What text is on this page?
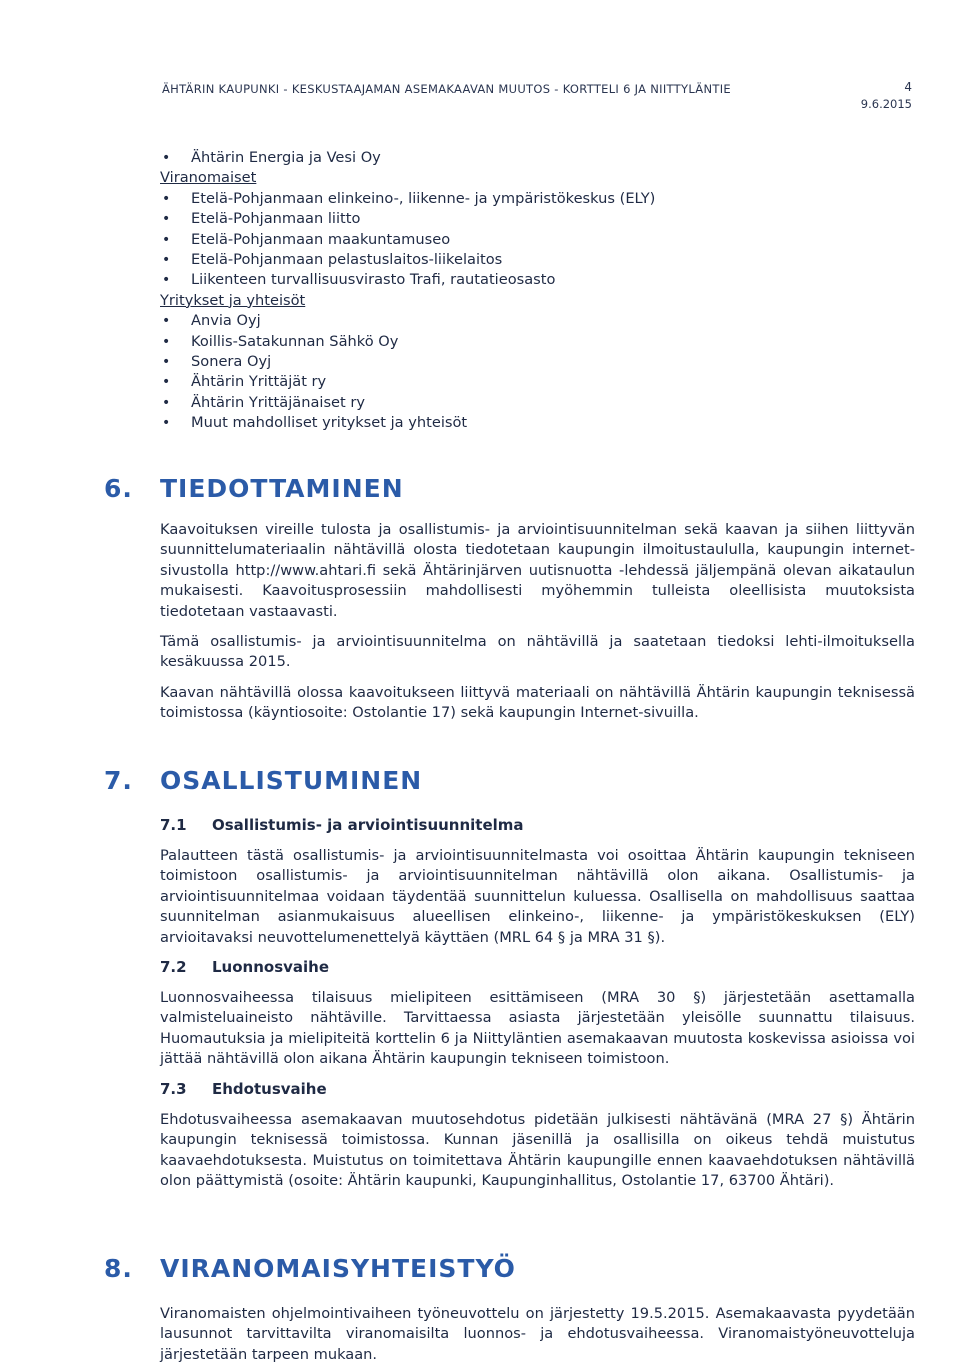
ÄHTÄRIN KAUPUNKI - KESKUSTAAJAMAN ASEMAKAAVAN MUUTOS - KORTTELI 6 JA NIITTYLÄNTIE	4
9.6.2015
• Ähtärin Energia ja Vesi Oy
Viranomaiset
• Etelä-Pohjanmaan elinkeino-, liikenne- ja ympäristökeskus (ELY)
• Etelä-Pohjanmaan liitto
• Etelä-Pohjanmaan maakuntamuseo
• Etelä-Pohjanmaan pelastuslaitos-liikelaitos
• Liikenteen turvallisuusvirasto Trafi, rautatieosasto
Yritykset ja yhteisöt
• Anvia Oyj
• Koillis-Satakunnan Sähkö Oy
• Sonera Oyj
• Ähtärin Yrittäjät ry
• Ähtärin Yrittäjänaiset ry
• Muut mahdolliset yritykset ja yhteisöt
6. TIEDOTTAMINEN

Kaavoituksen vireille tulosta ja osallistumis- ja arviointisuunnitelman sekä kaavan ja siihen liittyvän suunnittelumateriaalin nähtävillä olosta tiedotetaan kaupungin ilmoitustaululla, kaupungin internet-sivustolla http://www.ahtari.fi sekä Ähtärinjärven uutisnuotta -lehdessä jäljempänä olevan aikataulun mukaisesti. Kaavoitusprosessiin mahdollisesti myöhemmin tulleista oleellisista muutoksista tiedotetaan vastaavasti.

Tämä osallistumis- ja arviointisuunnitelma on nähtävillä ja saatetaan tiedoksi lehti-ilmoituksella kesäkuussa 2015.

Kaavan nähtävillä olossa kaavoitukseen liittyvä materiaali on nähtävillä Ähtärin kaupungin teknisessä toimistossa (käyntiosoite: Ostolantie 17) sekä kaupungin Internet-sivuilla.

7. OSALLISTUMINEN
7.1 Osallistumis- ja arviointisuunnitelma

Palautteen tästä osallistumis- ja arviointisuunnitelmasta voi osoittaa Ähtärin kaupungin tekniseen toimistoon osallistumis- ja arviointisuunnitelman nähtävillä olon aikana. Osallistumis- ja arviointisuunnitelmaa voidaan täydentää suunnittelun kuluessa. Osallisella on mahdollisuus saattaa suunnitelman asianmukaisuus alueellisen elinkeino-, liikenne- ja ympäristökeskuksen (ELY) arvioitavaksi neuvottelumenettelyä käyttäen (MRL 64 § ja MRA 31 §).

7.2 Luonnosvaihe

Luonnosvaiheessa tilaisuus mielipiteen esittämiseen (MRA 30 §) järjestetään asettamalla valmisteluaineisto nähtäville. Tarvittaessa asiasta järjestetään yleisölle suunnattu tilaisuus. Huomautuksia ja mielipiteitä korttelin 6 ja Niittyläntien asemakaavan muutosta koskevissa asioissa voi jättää nähtävillä olon aikana Ähtärin kaupungin tekniseen toimistoon.

7.3 Ehdotusvaihe

Ehdotusvaiheessa asemakaavan muutosehdotus pidetään julkisesti nähtävänä (MRA 27 §) Ähtärin kaupungin teknisessä toimistossa. Kunnan jäsenillä ja osallisilla on oikeus tehdä muistutus kaavaehdotuksesta. Muistutus on toimitettava Ähtärin kaupungille ennen kaavaehdotuksen nähtävillä olon päättymistä (osoite: Ähtärin kaupunki, Kaupunginhallitus, Ostolantie 17, 63700 Ähtäri).

8. VIRANOMAISYHTEISTYÖ

Viranomaisten ohjelmointivaiheen työneuvottelu on järjestetty 19.5.2015. Asemakaavasta pyydetään lausunnot tarvittavilta viranomaisilta luonnos- ja ehdotusvaiheessa. Viranomaistyöneuvotteluja järjestetään tarpeen mukaan.
